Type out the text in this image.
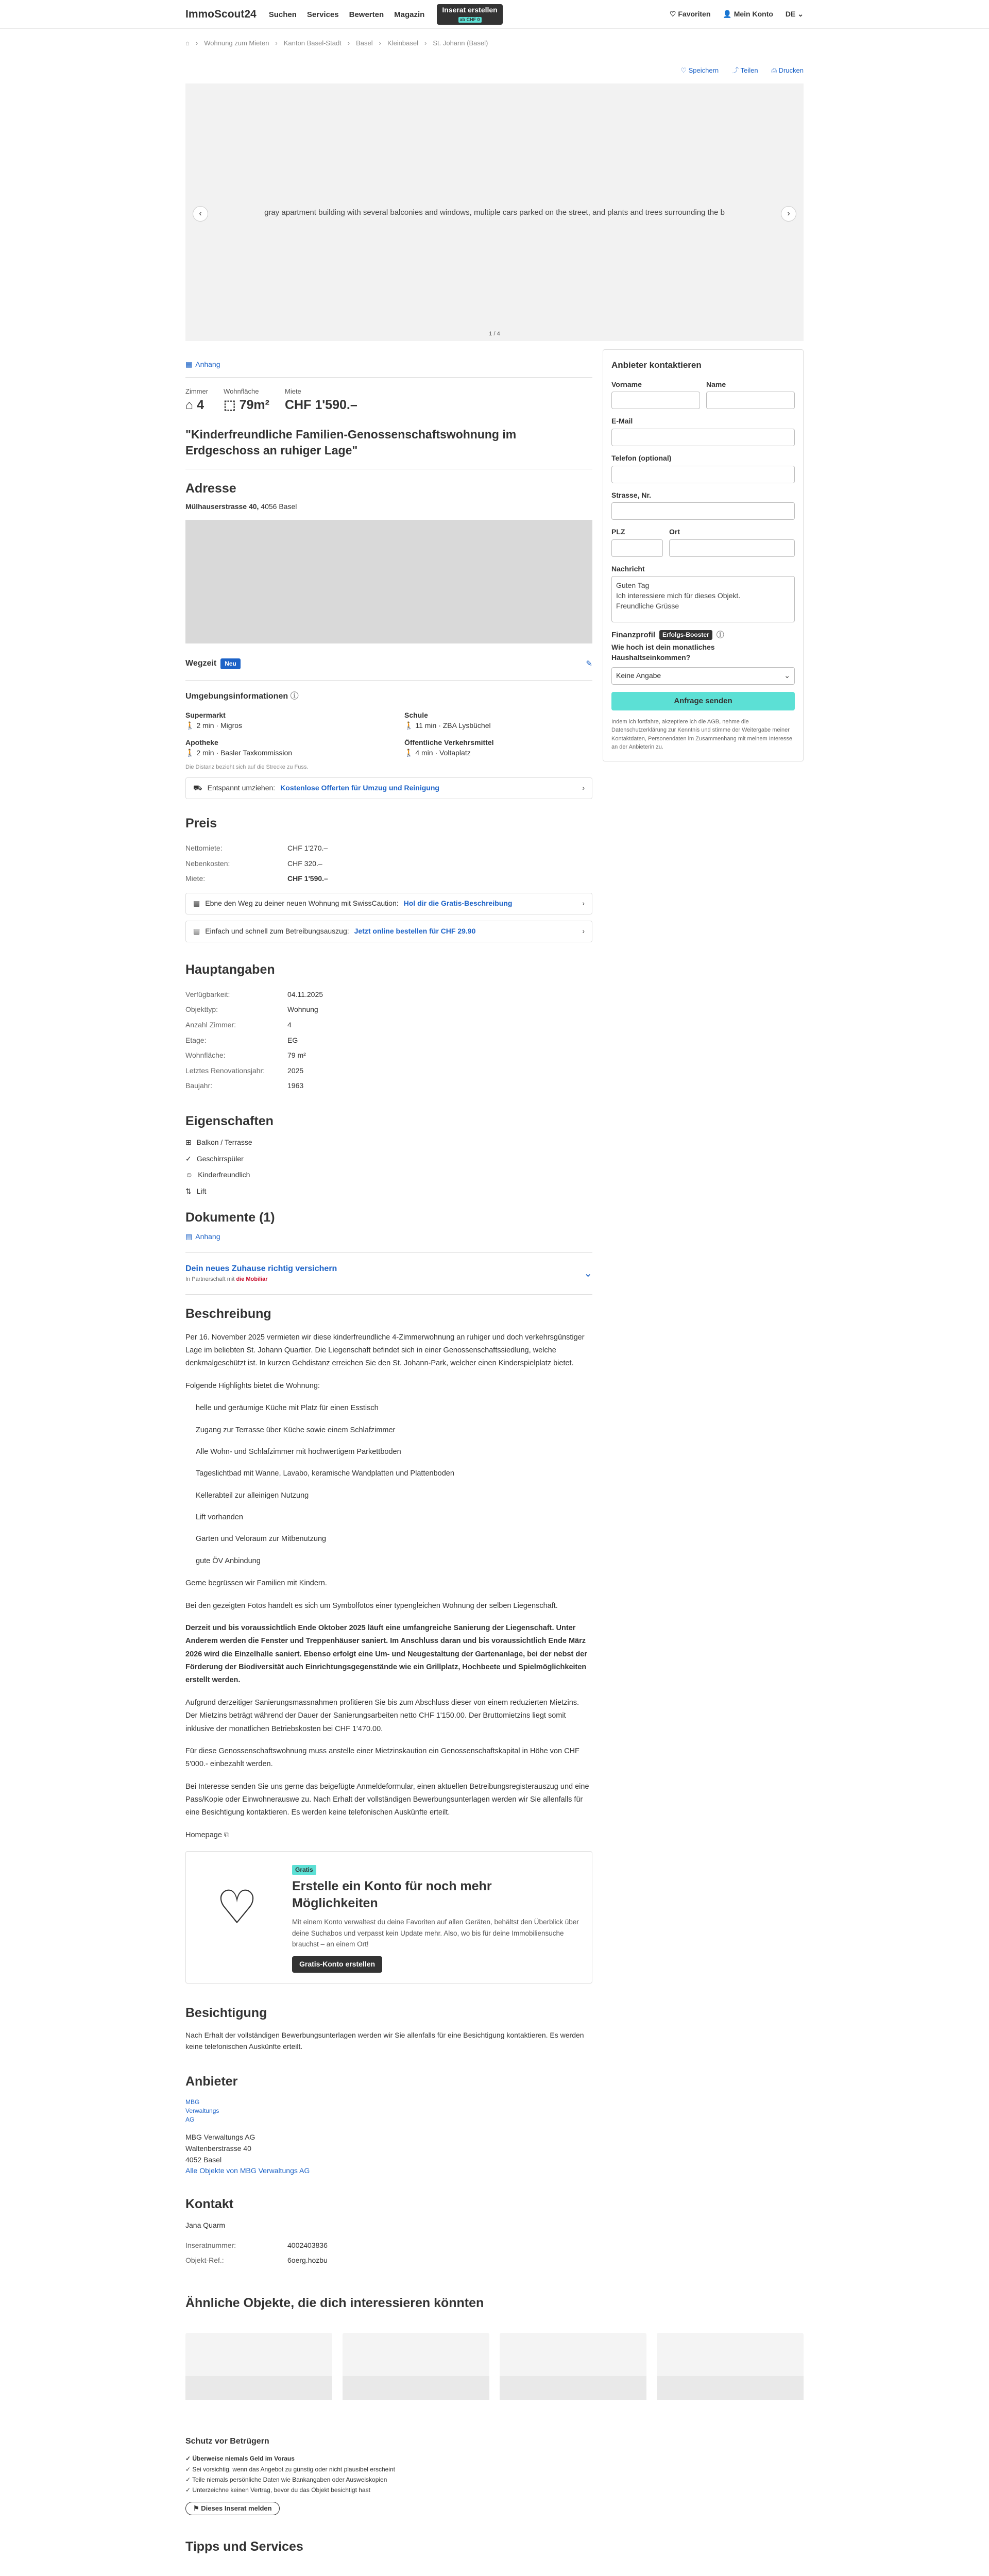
ImmoScout24 Suchen Services Bewerten Magazin
Inserat erstellen
ab CHF 0
♡ Favoriten 👤 Mein Konto DE ⌄
⌂ › Wohnung zum Mieten › Kanton Basel-Stadt › Basel › Kleinbasel › St. Johann (Basel)
♡ Speichern ⤴ Teilen ⎙ Drucken
‹	gray apartment building with several balconies and windows, multiple cars parked on the street, and plants and trees surrounding the b	›
1 / 4
▤ Anhang
Zimmer
⌂ 4
Wohnfläche
⬚ 79m²
Miete
CHF 1'590.–
"Kinderfreundliche Familien-Genossenschaftswohnung im Erdgeschoss an ruhiger Lage"
Adresse
Mülhauserstrasse 40, 4056 Basel
Wegzeit	Neu	✎
Umgebungsinformationen ⓘ
Supermarkt
🚶 2 min · Migros
Schule
🚶 11 min · ZBA Lysbüchel
Apotheke
🚶 2 min · Basler Taxkommission
Öffentliche Verkehrsmittel
🚶 4 min · Voltaplatz
Die Distanz bezieht sich auf die Strecke zu Fuss.
⛟ Entspannt umziehen: Kostenlose Offerten für Umzug und Reinigung	›
Preis
Nettomiete:	CHF 1'270.–
Nebenkosten:	CHF 320.–
Miete:	CHF 1'590.–
▤ Ebne den Weg zu deiner neuen Wohnung mit SwissCaution: Hol dir die Gratis-Beschreibung	›
▤ Einfach und schnell zum Betreibungsauszug: Jetzt online bestellen für CHF 29.90	›
Hauptangaben
Verfügbarkeit:	04.11.2025
Objekttyp:	Wohnung
Anzahl Zimmer:	4
Etage:	EG
Wohnfläche:	79 m²
Letztes Renovationsjahr:	2025
Baujahr:	1963
Eigenschaften
⊞ Balkon / Terrasse
✓ Geschirrspüler
☺ Kinderfreundlich
⇅ Lift
Dokumente (1)
▤ Anhang
Dein neues Zuhause richtig versichern
In Partnerschaft mit die Mobiliar
⌄
Beschreibung

Per 16. November 2025 vermieten wir diese kinderfreundliche 4-Zimmerwohnung an ruhiger und doch verkehrsgünstiger Lage im beliebten St. Johann Quartier. Die Liegenschaft befindet sich in einer Genossenschaftssiedlung, welche denkmalgeschützt ist. In kurzen Gehdistanz erreichen Sie den St. Johann-Park, welcher einen Kinderspielplatz bietet.

Folgende Highlights bietet die Wohnung:

helle und geräumige Küche mit Platz für einen Esstisch
Zugang zur Terrasse über Küche sowie einem Schlafzimmer
Alle Wohn- und Schlafzimmer mit hochwertigem Parkettboden
Tageslichtbad mit Wanne, Lavabo, keramische Wandplatten und Plattenboden
Kellerabteil zur alleinigen Nutzung
Lift vorhanden
Garten und Veloraum zur Mitbenutzung
gute ÖV Anbindung

Gerne begrüssen wir Familien mit Kindern.

Bei den gezeigten Fotos handelt es sich um Symbolfotos einer typengleichen Wohnung der selben Liegenschaft.

Derzeit und bis voraussichtlich Ende Oktober 2025 läuft eine umfangreiche Sanierung der Liegenschaft. Unter Anderem werden die Fenster und Treppenhäuser saniert. Im Anschluss daran und bis voraussichtlich Ende März 2026 wird die Einzelhalle saniert. Ebenso erfolgt eine Um- und Neugestaltung der Gartenanlage, bei der nebst der Förderung der Biodiversität auch Einrichtungsgegenstände wie ein Grillplatz, Hochbeete und Spielmöglichkeiten erstellt werden.

Aufgrund derzeitiger Sanierungsmassnahmen profitieren Sie bis zum Abschluss dieser von einem reduzierten Mietzins. Der Mietzins beträgt während der Dauer der Sanierungsarbeiten netto CHF 1'150.00. Der Bruttomietzins liegt somit inklusive der monatlichen Betriebskosten bei CHF 1'470.00.

Für diese Genossenschaftswohnung muss anstelle einer Mietzinskaution ein Genossenschaftskapital in Höhe von CHF 5'000.- einbezahlt werden.

Bei Interesse senden Sie uns gerne das beigefügte Anmeldeformular, einen aktuellen Betreibungsregisterauszug und eine Pass/Kopie oder Einwohnerauswe zu. Nach Erhalt der vollständigen Bewerbungsunterlagen werden wir Sie allenfalls für eine Besichtigung kontaktieren. Es werden keine telefonischen Auskünfte erteilt.

Homepage ⧉

♡
Gratis
Erstelle ein Konto für noch mehr Möglichkeiten
Mit einem Konto verwaltest du deine Favoriten auf allen Geräten, behältst den Überblick über deine Suchabos und verpasst kein Update mehr. Also, wo bis für deine Immobiliensuche brauchst – an einem Ort!
Gratis-Konto erstellen
Besichtigung
Nach Erhalt der vollständigen Bewerbungsunterlagen werden wir Sie allenfalls für eine Besichtigung kontaktieren. Es werden keine telefonischen Auskünfte erteilt.
Anbieter
MBG Verwaltungs AG
MBG Verwaltungs AG
Waltenberstrasse 40
4052 Basel
Alle Objekte von MBG Verwaltungs AG
Kontakt
Jana Quarm
Inseratnummer:	4002403836
Objekt-Ref.:	6oerg.hozbu
Anbieter kontaktieren
Vorname	Name
E-Mail
Telefon (optional)
Strasse, Nr.
PLZ	Ort
Nachricht
Guten Tag
Ich interessiere mich für dieses Objekt.
Freundliche Grüsse
Finanzprofil	Erfolgs-Booster ⓘ
Wie hoch ist dein monatliches Haushaltseinkommen?
Keine Angabe	⌄
Anfrage senden
Indem ich fortfahre, akzeptiere ich die AGB, nehme die Datenschutzerklärung zur Kenntnis und stimme der Weitergabe meiner Kontaktdaten, Personendaten im Zusammenhang mit meinem Interesse an der Anbieterin zu.
Ähnliche Objekte, die dich interessieren könnten
Schutz vor Betrügern
✓ Überweise niemals Geld im Voraus
✓ Sei vorsichtig, wenn das Angebot zu günstig oder nicht plausibel erscheint
✓ Teile niemals persönliche Daten wie Bankangaben oder Ausweiskopien
✓ Unterzeichne keinen Vertrag, bevor du das Objekt besichtigt hast
⚑ Dieses Inserat melden
Tipps und Services
